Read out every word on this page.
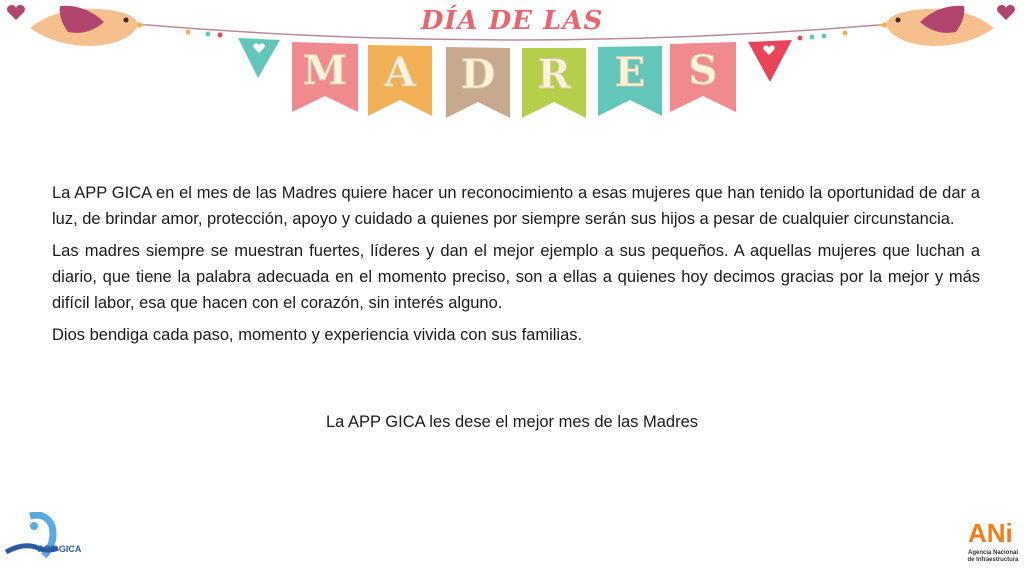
M A D R E S
DÍA DE LAS

La APP GICA en el mes de las Madres quiere hacer un reconocimiento a esas mujeres que han tenido la oportunidad de dar a luz, de brindar amor, protección, apoyo y cuidado a quienes por siempre serán sus hijos a pesar de cualquier circunstancia.

Las madres siempre se muestran fuertes, líderes y dan el mejor ejemplo a sus pequeños. A aquellas mujeres que luchan a diario, que tiene la palabra adecuada en el momento preciso, son a ellas a quienes hoy decimos gracias por la mejor y más difícil labor, esa que hacen con el corazón, sin interés alguno.

Dios bendiga cada paso, momento y experiencia vivida con sus familias.

La APP GICA les dese el mejor mes de las Madres
APP GICA
ANi
Agencia Nacional de Infraestructura
